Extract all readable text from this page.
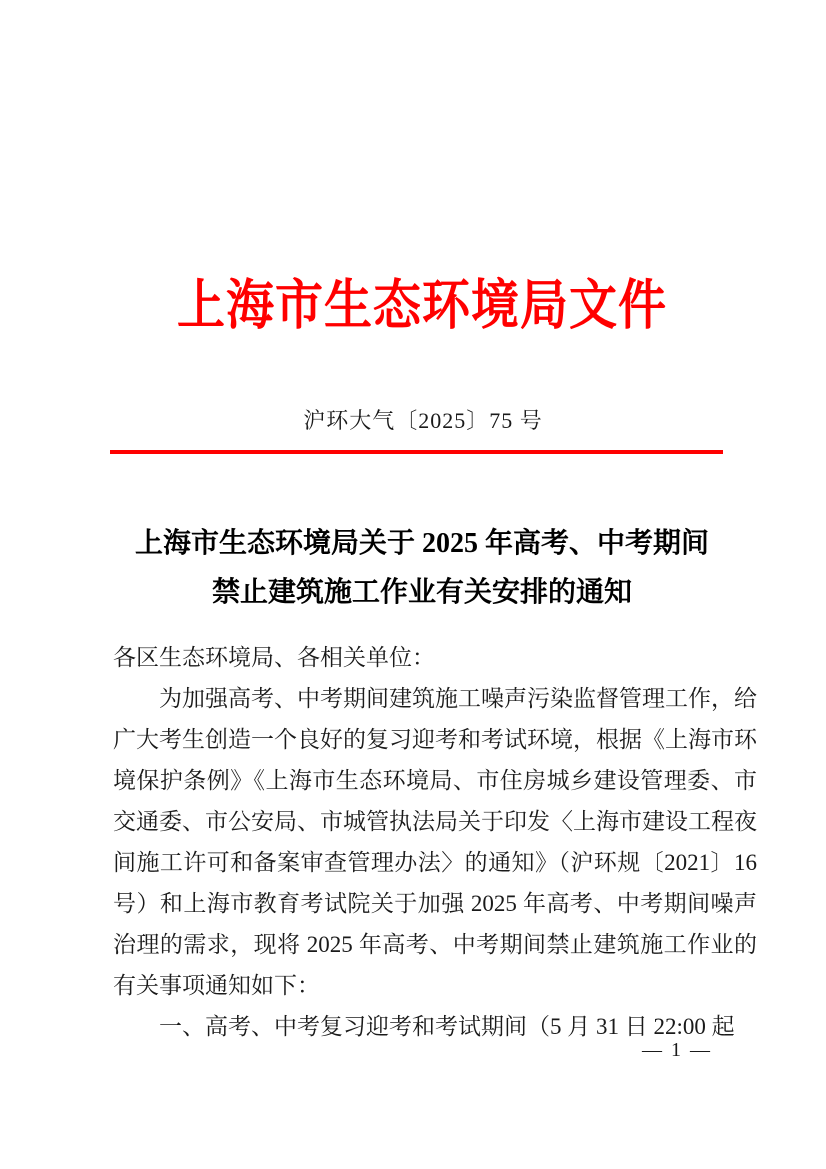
上海市生态环境局文件
沪环大气〔2025〕75 号
上海市生态环境局关于 2025 年高考、中考期间
禁止建筑施工作业有关安排的通知
各区生态环境局、各相关单位：
为加强高考、中考期间建筑施工噪声污染监督管理工作，给
广大考生创造一个良好的复习迎考和考试环境，根据《上海市环
境保护条例》《上海市生态环境局、市住房城乡建设管理委、市
交通委、市公安局、市城管执法局关于印发〈上海市建设工程夜
间施工许可和备案审查管理办法〉的通知》（沪环规〔2021〕16
号）和上海市教育考试院关于加强 2025 年高考、中考期间噪声
治理的需求，现将 2025 年高考、中考期间禁止建筑施工作业的
有关事项通知如下：
一、高考、中考复习迎考和考试期间（5 月 31 日 22:00 起
— 1 —
